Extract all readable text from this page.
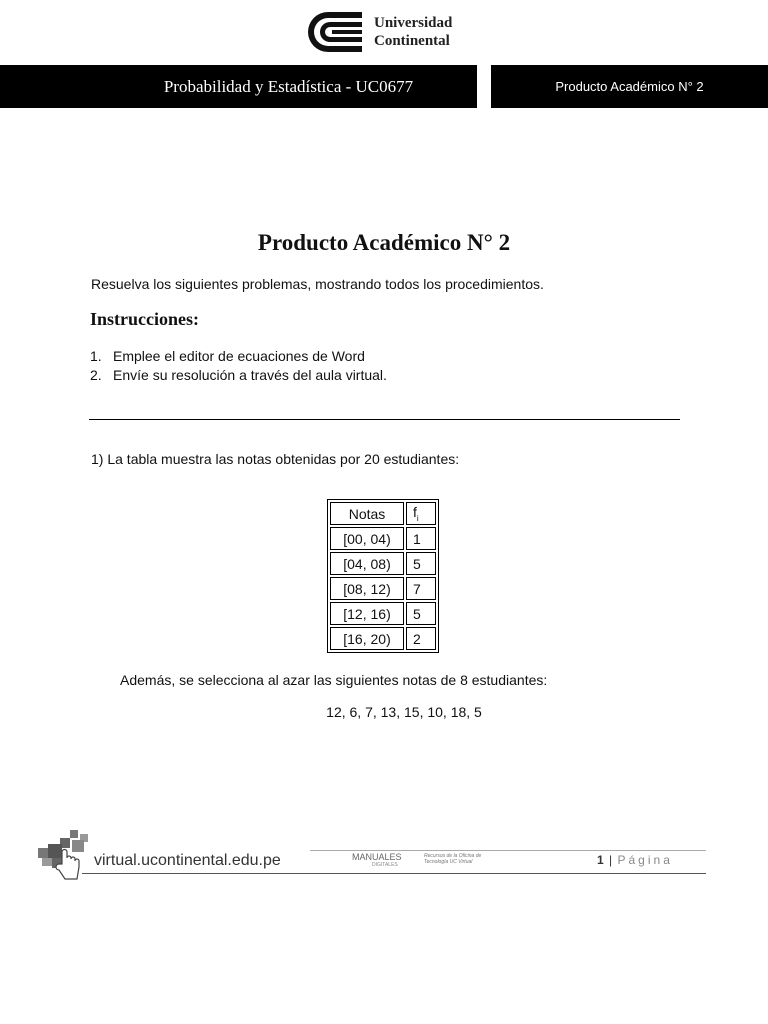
Universidad
Continental
Probabilidad y Estadística - UC0677	Producto Académico N° 2
Producto Académico N° 2
Resuelva los siguientes problemas, mostrando todos los procedimientos.
Instrucciones:
1. Emplee el editor de ecuaciones de Word
2. Envíe su resolución a través del aula virtual.
1) La tabla muestra las notas obtenidas por 20 estudiantes:
Notas	$f_i$
[00, 04)	1
[04, 08)	5
[08, 12)	7
[12, 16)	5
[16, 20)	2
Además, se selecciona al azar las siguientes notas de 8 estudiantes:
12, 6, 7, 13, 15, 10, 18, 5
virtual.ucontinental.edu.pe	MANUALES
DIGITALES
Recursos de la Oficina de Tecnología UC Virtual	1 | Página
